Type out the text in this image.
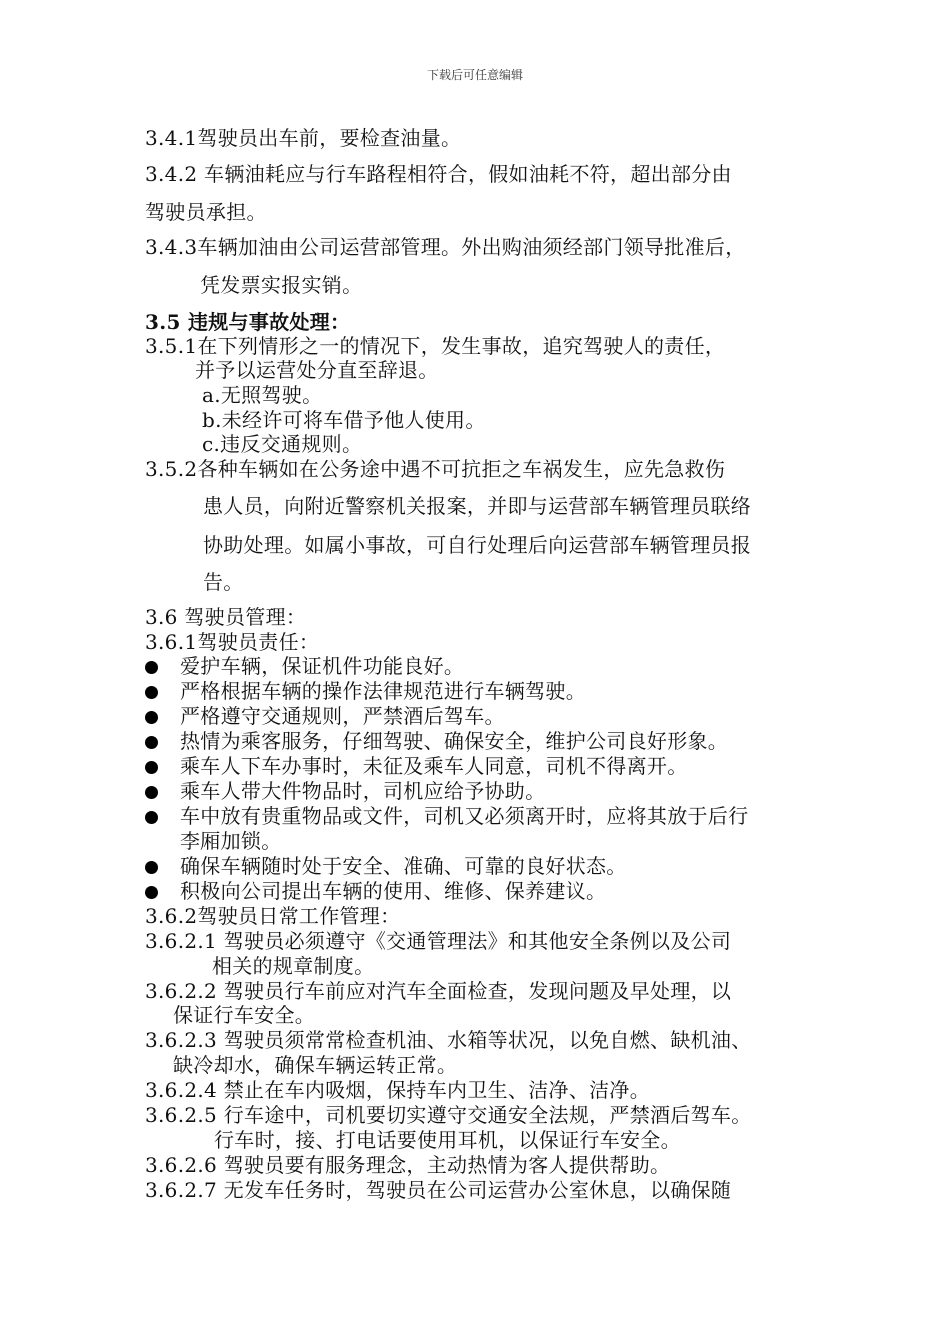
下载后可任意编辑
3.4.1驾驶员出车前，要检查油量。
3.4.2 车辆油耗应与行车路程相符合，假如油耗不符，超出部分由
驾驶员承担。
3.4.3车辆加油由公司运营部管理。外出购油须经部门领导批准后，
凭发票实报实销。
3.5 违规与事故处理：
3.5.1在下列情形之一的情况下，发生事故，追究驾驶人的责任，
并予以运营处分直至辞退。
a.无照驾驶。
b.未经许可将车借予他人使用。
c.违反交通规则。
3.5.2各种车辆如在公务途中遇不可抗拒之车祸发生，应先急救伤
患人员，向附近警察机关报案，并即与运营部车辆管理员联络
协助处理。如属小事故，可自行处理后向运营部车辆管理员报
告。
3.6 驾驶员管理：
3.6.1驾驶员责任：
爱护车辆，保证机件功能良好。
严格根据车辆的操作法律规范进行车辆驾驶。
严格遵守交通规则，严禁酒后驾车。
热情为乘客服务，仔细驾驶、确保安全，维护公司良好形象。
乘车人下车办事时，未征及乘车人同意，司机不得离开。
乘车人带大件物品时，司机应给予协助。
车中放有贵重物品或文件，司机又必须离开时，应将其放于后行
李厢加锁。
确保车辆随时处于安全、准确、可靠的良好状态。
积极向公司提出车辆的使用、维修、保养建议。
3.6.2驾驶员日常工作管理：
3.6.2.1 驾驶员必须遵守《交通管理法》和其他安全条例以及公司
相关的规章制度。
3.6.2.2 驾驶员行车前应对汽车全面检查，发现问题及早处理，以
保证行车安全。
3.6.2.3 驾驶员须常常检查机油、水箱等状况，以免自燃、缺机油、
缺冷却水，确保车辆运转正常。
3.6.2.4 禁止在车内吸烟，保持车内卫生、洁净、洁净。
3.6.2.5 行车途中，司机要切实遵守交通安全法规，严禁酒后驾车。
行车时，接、打电话要使用耳机，以保证行车安全。
3.6.2.6 驾驶员要有服务理念，主动热情为客人提供帮助。
3.6.2.7 无发车任务时，驾驶员在公司运营办公室休息，以确保随
